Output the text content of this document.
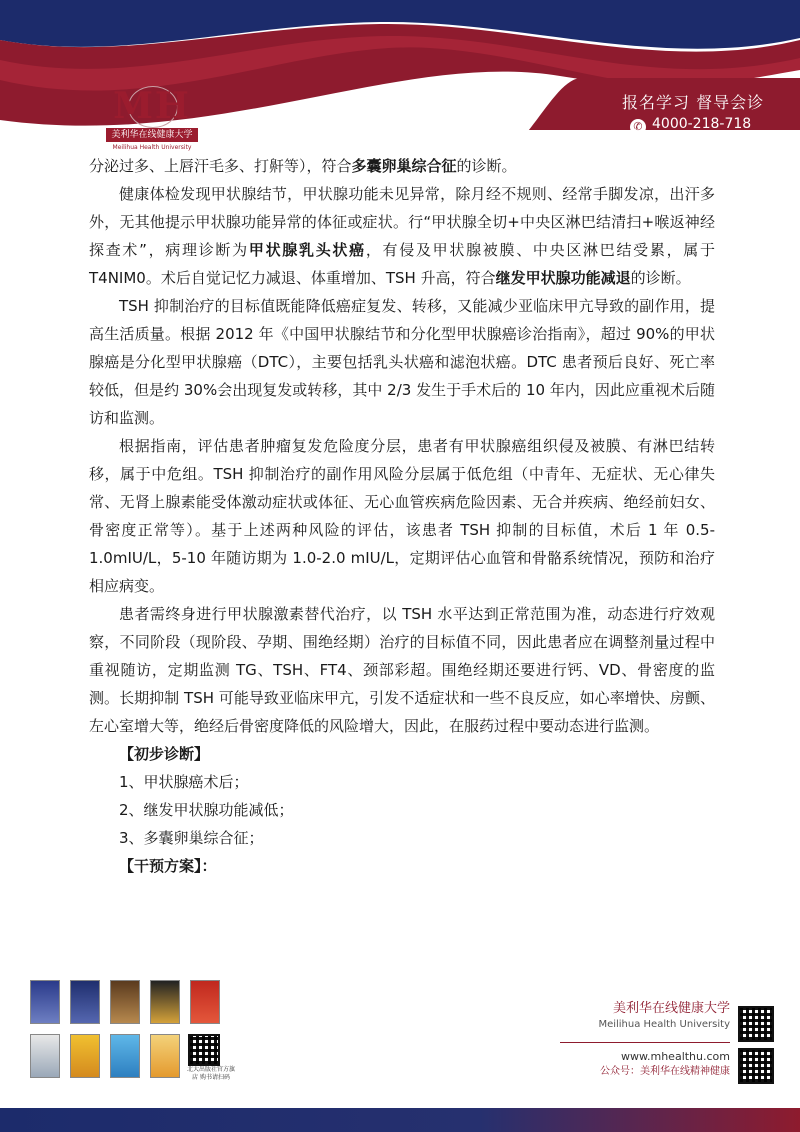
MH
美利华在线健康大学
Meilihua Health University
报名学习 督导会诊
✆ 4000-218-718

分泌过多、上唇汗毛多、打鼾等），符合多囊卵巢综合征的诊断。

健康体检发现甲状腺结节，甲状腺功能未见异常，除月经不规则、经常手脚发凉，出汗多外，无其他提示甲状腺功能异常的体征或症状。行“甲状腺全切+中央区淋巴结清扫+喉返神经探查术”，病理诊断为甲状腺乳头状癌，有侵及甲状腺被膜、中央区淋巴结受累，属于 T4NIM0。术后自觉记忆力减退、体重增加、TSH 升高，符合继发甲状腺功能减退的诊断。

TSH 抑制治疗的目标值既能降低癌症复发、转移，又能减少亚临床甲亢导致的副作用，提高生活质量。根据 2012 年《中国甲状腺结节和分化型甲状腺癌诊治指南》，超过 90%的甲状腺癌是分化型甲状腺癌（DTC），主要包括乳头状癌和滤泡状癌。DTC 患者预后良好、死亡率较低，但是约 30%会出现复发或转移，其中 2/3 发生于手术后的 10 年内，因此应重视术后随访和监测。

根据指南，评估患者肿瘤复发危险度分层，患者有甲状腺癌组织侵及被膜、有淋巴结转移，属于中危组。TSH 抑制治疗的副作用风险分层属于低危组（中青年、无症状、无心律失常、无肾上腺素能受体激动症状或体征、无心血管疾病危险因素、无合并疾病、绝经前妇女、骨密度正常等）。基于上述两种风险的评估，该患者 TSH 抑制的目标值，术后 1 年 0.5-1.0mIU/L，5-10 年随访期为 1.0-2.0 mIU/L，定期评估心血管和骨骼系统情况，预防和治疗相应病变。

患者需终身进行甲状腺激素替代治疗，以 TSH 水平达到正常范围为准，动态进行疗效观察，不同阶段（现阶段、孕期、围绝经期）治疗的目标值不同，因此患者应在调整剂量过程中重视随访，定期监测 TG、TSH、FT4、颈部彩超。围绝经期还要进行钙、VD、骨密度的监测。长期抑制 TSH 可能导致亚临床甲亢，引发不适症状和一些不良反应，如心率增快、房颤、左心室增大等，绝经后骨密度降低的风险增大，因此，在服药过程中要动态进行监测。

【初步诊断】

1、甲状腺癌术后；

2、继发甲状腺功能减低；

3、多囊卵巢综合征；

【干预方案】：

北大出版社官方旗店 购书请扫码
美利华在线健康大学
Meilihua Health University
www.mhealthu.com
公众号：美利华在线精神健康
